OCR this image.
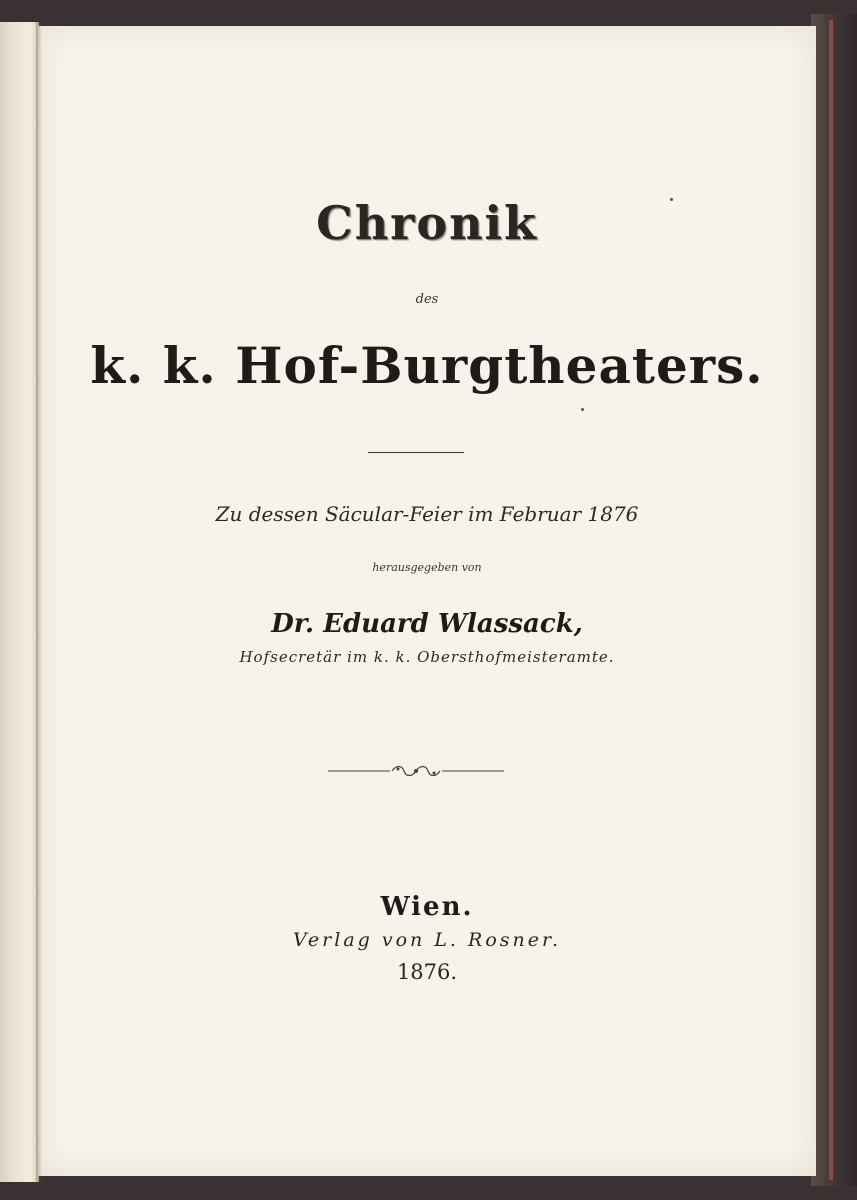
Chronik
des
k. k. Hof-Burgtheaters.
Zu dessen Säcular-Feier im Februar 1876
herausgegeben von
Dr. Eduard Wlassack,
Hofsecretär im k. k. Obersthofmeisteramte.
Wien.
Verlag von L. Rosner.
1876.
